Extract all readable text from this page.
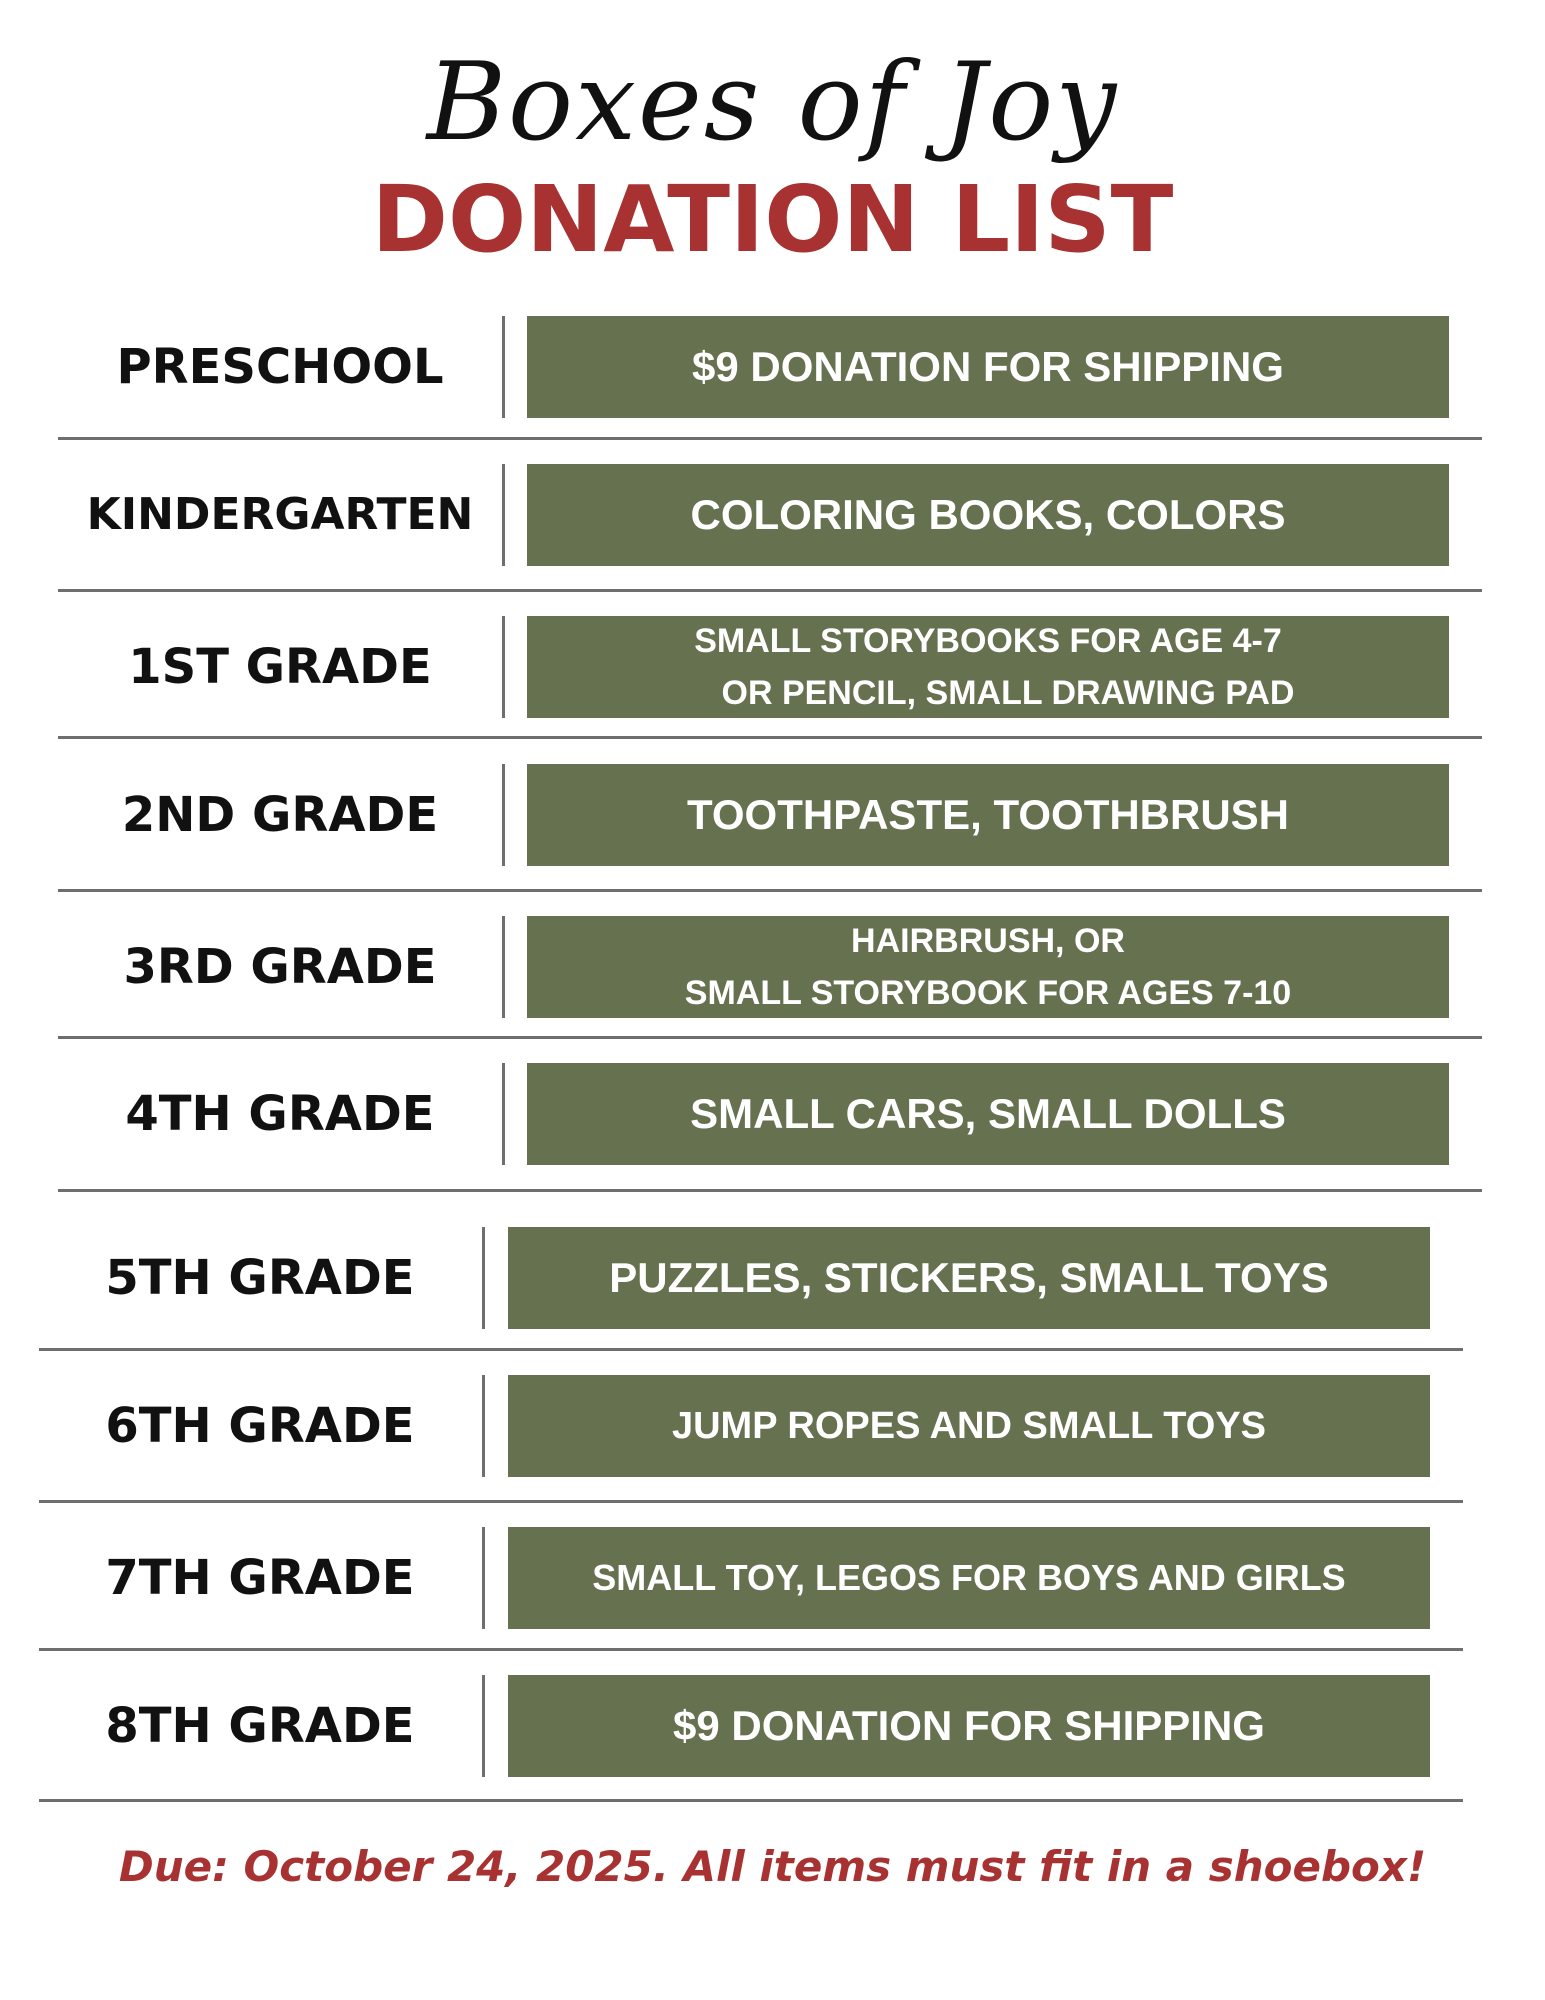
Boxes of Joy
DONATION LIST
PRESCHOOL	$9 DONATION FOR SHIPPING
KINDERGARTEN	COLORING BOOKS, COLORS
1ST GRADE	SMALL STORYBOOKS FOR AGE 4-7
OR PENCIL, SMALL DRAWING PAD
2ND GRADE	TOOTHPASTE, TOOTHBRUSH
3RD GRADE	HAIRBRUSH, OR
SMALL STORYBOOK FOR AGES 7-10
4TH GRADE	SMALL CARS, SMALL DOLLS
5TH GRADE	PUZZLES, STICKERS, SMALL TOYS
6TH GRADE	JUMP ROPES AND SMALL TOYS
7TH GRADE	SMALL TOY, LEGOS FOR BOYS AND GIRLS
8TH GRADE	$9 DONATION FOR SHIPPING
Due: October 24, 2025. All items must fit in a shoebox!
